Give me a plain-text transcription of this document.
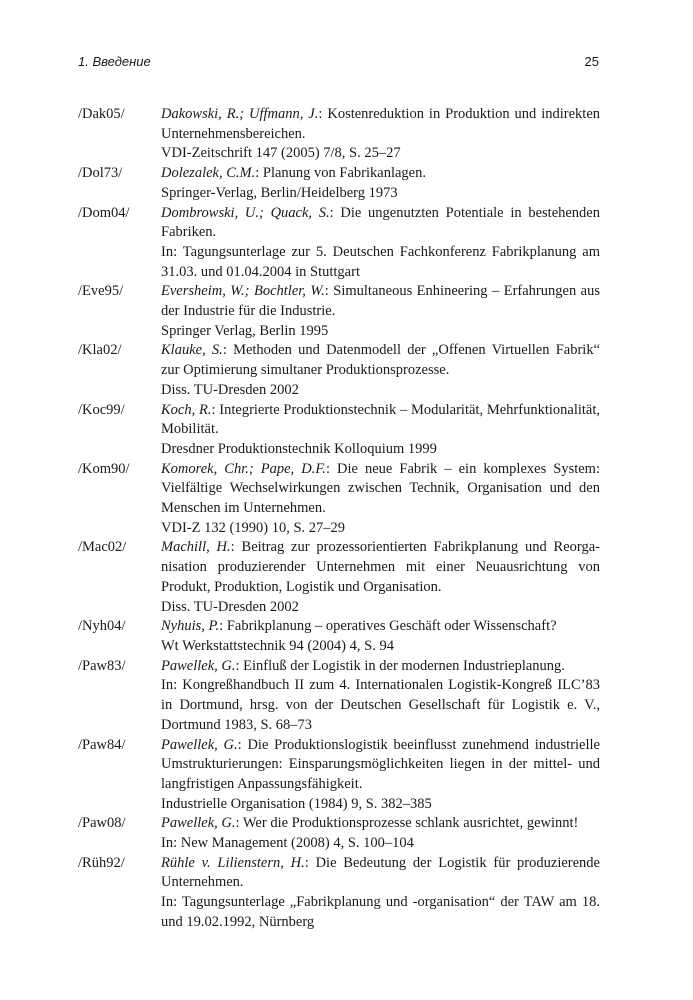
1. Введение	25
/Dak05/	Dakowski, R.; Uffmann, J.: Kostenreduktion in Produktion und indirekten Unternehmensbereichen.
VDI-Zeitschrift 147 (2005) 7/8, S. 25–27
/Dol73/	Dolezalek, C.M.: Planung von Fabrikanlagen.
Springer-Verlag, Berlin/Heidelberg 1973
/Dom04/	Dombrowski, U.; Quack, S.: Die ungenutzten Potentiale in bestehenden Fabriken.
In: Tagungsunterlage zur 5. Deutschen Fachkonferenz Fabrikplanung am 31.03. und 01.04.2004 in Stuttgart
/Eve95/	Eversheim, W.; Bochtler, W.: Simultaneous Enhineering – Erfahrungen aus der Industrie für die Industrie.
Springer Verlag, Berlin 1995
/Kla02/	Klauke, S.: Methoden und Datenmodell der „Offenen Virtuellen Fabrik“ zur Optimierung simultaner Produktionsprozesse.
Diss. TU-Dresden 2002
/Koc99/	Koch, R.: Integrierte Produktionstechnik – Modularität, Mehrfunktionalität, Mobilität.
Dresdner Produktionstechnik Kolloquium 1999
/Kom90/	Komorek, Chr.; Pape, D.F.: Die neue Fabrik – ein komplexes System: Vielfältige Wechselwirkungen zwischen Technik, Organisation und den Menschen im Unternehmen.
VDI-Z 132 (1990) 10, S. 27–29
/Mac02/	Machill, H.: Beitrag zur prozessorientierten Fabrikplanung und Reorganisation produzierender Unternehmen mit einer Neuausrichtung von Produkt, Produktion, Logistik und Organisation.
Diss. TU-Dresden 2002
/Nyh04/	Nyhuis, P.: Fabrikplanung – operatives Geschäft oder Wissenschaft?
Wt Werkstattstechnik 94 (2004) 4, S. 94
/Paw83/	Pawellek, G.: Einfluß der Logistik in der modernen Industrieplanung.
In: Kongreßhandbuch II zum 4. Internationalen Logistik-Kongreß ILC’83 in Dortmund, hrsg. von der Deutschen Gesellschaft für Logistik e. V., Dortmund 1983, S. 68–73
/Paw84/	Pawellek, G.: Die Produktionslogistik beeinflusst zunehmend industrielle Umstrukturierungen: Einsparungsmöglichkeiten liegen in der mittel- und langfristigen Anpassungsfähigkeit.
Industrielle Organisation (1984) 9, S. 382–385
/Paw08/	Pawellek, G.: Wer die Produktionsprozesse schlank ausrichtet, gewinnt!
In: New Management (2008) 4, S. 100–104
/Rüh92/	Rühle v. Lilienstern, H.: Die Bedeutung der Logistik für produzierende Unternehmen.
In: Tagungsunterlage „Fabrikplanung und -organisation“ der TAW am 18. und 19.02.1992, Nürnberg
